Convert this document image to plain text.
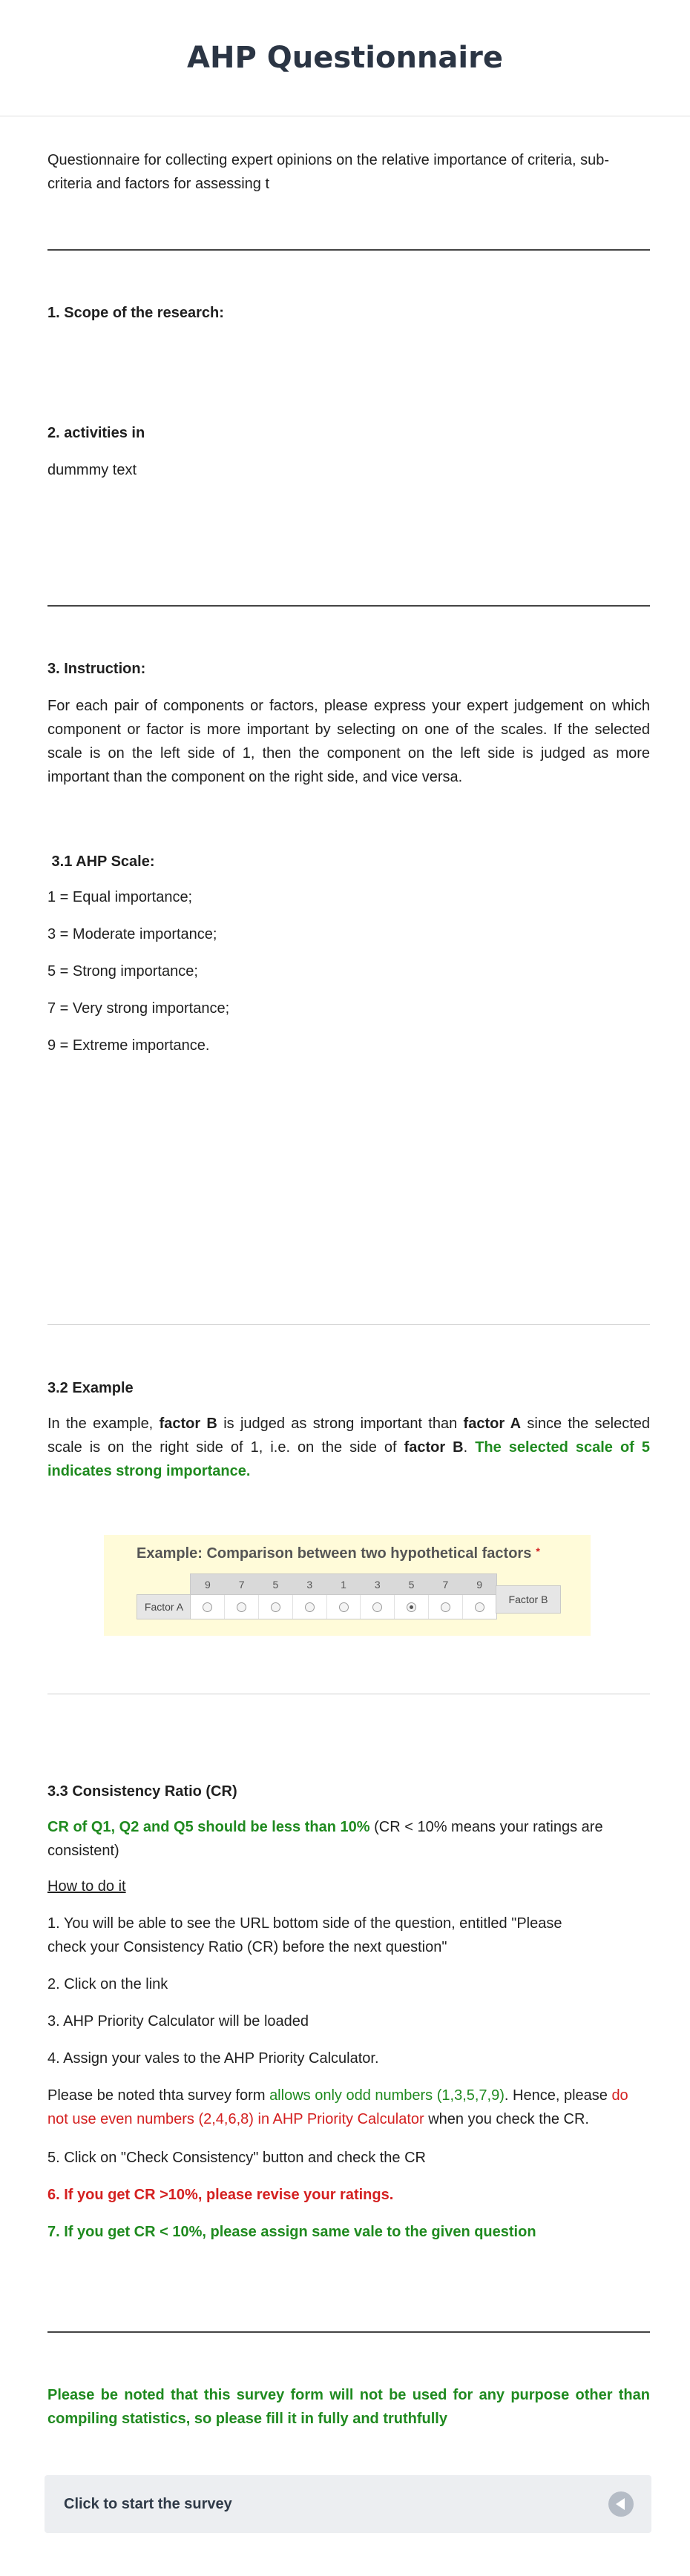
AHP Questionnaire

Questionnaire for collecting expert opinions on the relative importance of criteria, sub-criteria and factors for assessing t

1. Scope of the research:

2. activities in

dummmy text

3. Instruction:

For each pair of components or factors, please express your expert judgement on which component or factor is more important by selecting on one of the scales. If the selected scale is on the left side of 1, then the component on the left side is judged as more important than the component on the right side, and vice versa.

3.1 AHP Scale:

1 = Equal importance;

3 = Moderate importance;

5 = Strong importance;

7 = Very strong importance;

9 = Extreme importance.

3.2 Example

In the example, factor B is judged as strong important than factor A since the selected scale is on the right side of 1, i.e. on the side of factor B. The selected scale of 5 indicates strong importance.

Example: Comparison between two hypothetical factors *
9	7	5	3	1	3	5	7	9
Factor A
Factor B

3.3 Consistency Ratio (CR)

CR of Q1, Q2 and Q5 should be less than 10% (CR < 10% means your ratings are consistent)

How to do it

1. You will be able to see the URL bottom side of the question, entitled "Please check your Consistency Ratio (CR) before the next question"

2. Click on the link

3. AHP Priority Calculator will be loaded

4. Assign your vales to the AHP Priority Calculator.

Please be noted thta survey form allows only odd numbers (1,3,5,7,9). Hence, please do not use even numbers (2,4,6,8) in AHP Priority Calculator when you check the CR.

5. Click on "Check Consistency" button and check the CR

6. If you get CR >10%, please revise your ratings.

7. If you get CR < 10%, please assign same vale to the given question

Please be noted that this survey form will not be used for any purpose other than compiling statistics, so please fill it in fully and truthfully

Click to start the survey
